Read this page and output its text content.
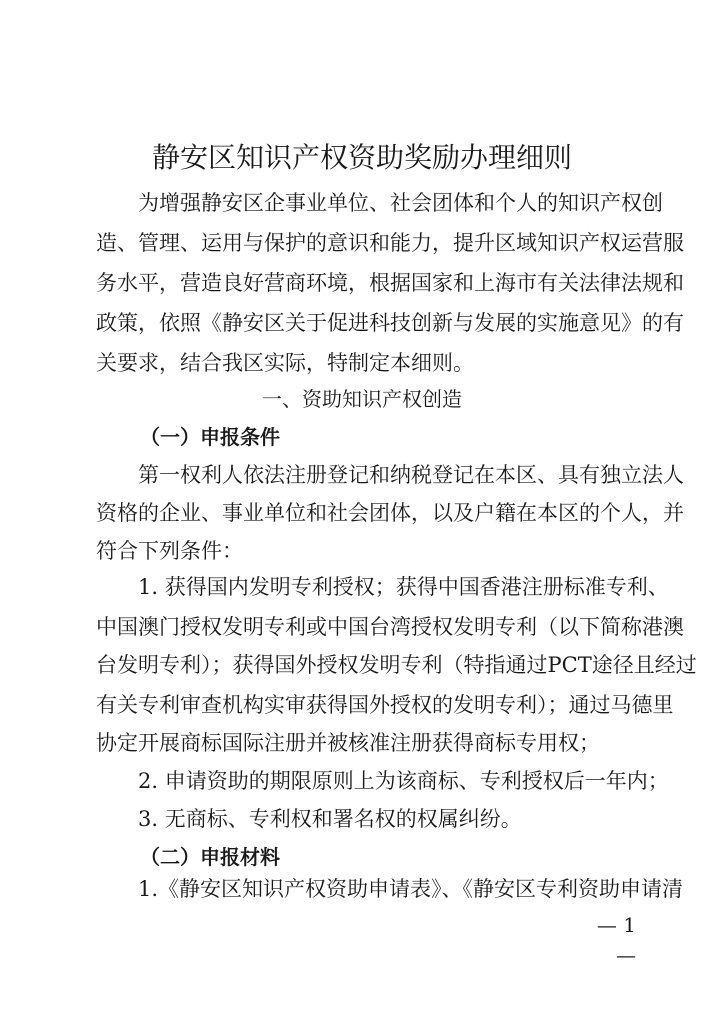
静安区知识产权资助奖励办理细则
为增强静安区企事业单位、社会团体和个人的知识产权创
造、管理、运用与保护的意识和能力，提升区域知识产权运营服
务水平，营造良好营商环境，根据国家和上海市有关法律法规和
政策，依照《静安区关于促进科技创新与发展的实施意见》的有
关要求，结合我区实际，特制定本细则。
一、资助知识产权创造
（一）申报条件
第一权利人依法注册登记和纳税登记在本区、具有独立法人
资格的企业、事业单位和社会团体，以及户籍在本区的个人，并
符合下列条件：
1. 获得国内发明专利授权；获得中国香港注册标准专利、
中国澳门授权发明专利或中国台湾授权发明专利（以下简称港澳
台发明专利）；获得国外授权发明专利（特指通过PCT途径且经过
有关专利审查机构实审获得国外授权的发明专利）；通过马德里
协定开展商标国际注册并被核准注册获得商标专用权；
2. 申请资助的期限原则上为该商标、专利授权后一年内；
3. 无商标、专利权和署名权的权属纠纷。
（二）申报材料
1.《静安区知识产权资助申请表》、《静安区专利资助申请清
— 1 —
